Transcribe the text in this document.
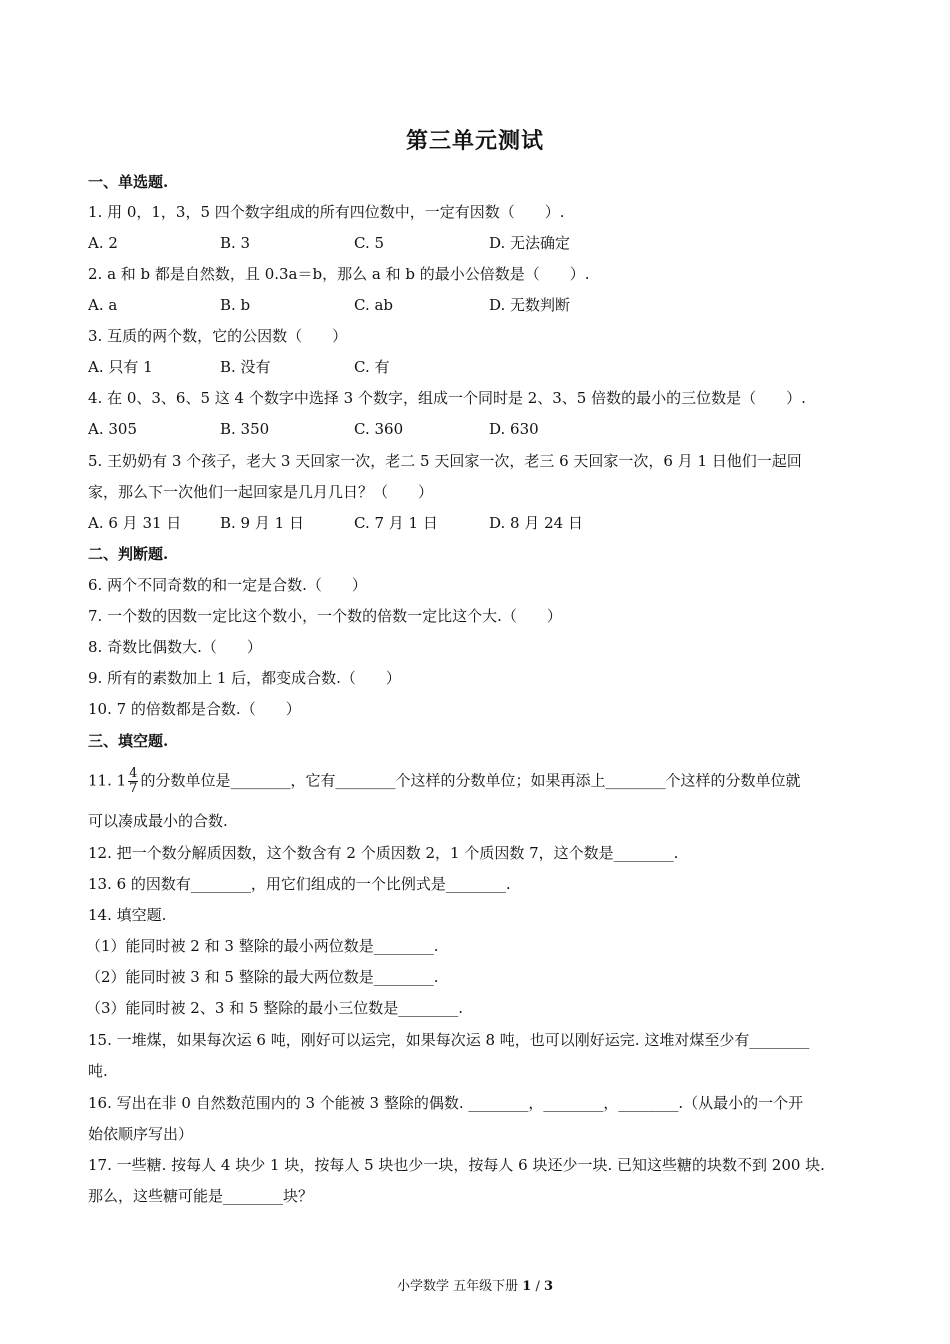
第三单元测试
一、单选题.
1. 用 0，1，3，5 四个数字组成的所有四位数中，一定有因数（　　）.
A. 2	B. 3	C. 5	D. 无法确定
2. a 和 b 都是自然数，且 0.3a＝b，那么 a 和 b 的最小公倍数是（　　）.
A. a	B. b	C. ab	D. 无数判断
3. 互质的两个数，它的公因数（　　）
A. 只有 1	B. 没有	C. 有
4. 在 0、3、6、5 这 4 个数字中选择 3 个数字，组成一个同时是 2、3、5 倍数的最小的三位数是（　　）.
A. 305	B. 350	C. 360	D. 630
5. 王奶奶有 3 个孩子，老大 3 天回家一次，老二 5 天回家一次，老三 6 天回家一次，6 月 1 日他们一起回
家，那么下一次他们一起回家是几月几日？（　　）
A. 6 月 31 日	B. 9 月 1 日	C. 7 月 1 日	D. 8 月 24 日
二、判断题.
6. 两个不同奇数的和一定是合数.（　　）
7. 一个数的因数一定比这个数小，一个数的倍数一定比这个大.（　　）
8. 奇数比偶数大.（　　）
9. 所有的素数加上 1 后，都变成合数.（　　）
10. 7 的倍数都是合数.（　　）
三、填空题.
11. $1 \frac{4}{7}$ 的分数单位是________，它有________个这样的分数单位；如果再添上________个这样的分数单位就
可以凑成最小的合数.
12. 把一个数分解质因数，这个数含有 2 个质因数 2，1 个质因数 7，这个数是________.
13. 6 的因数有________，用它们组成的一个比例式是________.
14. 填空题.
（1）能同时被 2 和 3 整除的最小两位数是________.
（2）能同时被 3 和 5 整除的最大两位数是________.
（3）能同时被 2、3 和 5 整除的最小三位数是________.
15. 一堆煤，如果每次运 6 吨，刚好可以运完，如果每次运 8 吨，也可以刚好运完. 这堆对煤至少有________
吨.
16. 写出在非 0 自然数范围内的 3 个能被 3 整除的偶数. ________，________，________.（从最小的一个开
始依顺序写出）
17. 一些糖. 按每人 4 块少 1 块，按每人 5 块也少一块，按每人 6 块还少一块. 已知这些糖的块数不到 200 块.
那么，这些糖可能是________块？
小学数学 五年级下册 1 / 3
